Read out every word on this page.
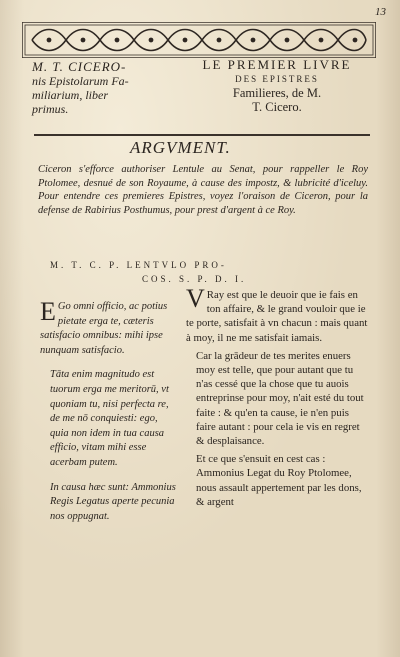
13
M. T. CICERO-
nis Epistolarum Fa-
miliarium, liber
primus.
LE PREMIER LIVRE
DES EPISTRES
Familieres, de M.
T. Cicero.
ARGVMENT.
Ciceron s'efforce authoriser Lentule au Senat, pour rappeller le Roy Ptolomee, desnué de son Royaume, à cause des impostz, & lubricité d'iceluy. Pour entendre ces premieres Epistres, voyez l'oraison de Ciceron, pour la defense de Rabirius Posthumus, pour prest d'argent à ce Roy.
M. T. C. P. LENTVLO PRO-
COS. S. P. D. I.

E Go omni officio, ac potius pietate erga te, cæteris satisfacio omnibus: mihi ipse nunquam satisfacio.

Tāta enim magnitudo est tuorum erga me meritorū, vt quoniam tu, nisi perfecta re, de me nō conquiesti: ego, quia non idem in tua causa efficio, vitam mihi esse acerbam putem.

In causa hæc sunt: Ammonius Regis Legatus aperte pecunia nos oppugnat.

V Ray est que le deuoir que ie fais en ton affaire, & le grand vouloir que ie te porte, satisfait à vn chacun : mais quant à moy, il ne me satisfait iamais.

Car la grādeur de tes merites enuers moy est telle, que pour autant que tu n'as cessé que la chose que tu auois entreprinse pour moy, n'ait esté du tout faite : & qu'en ta cause, ie n'en puis faire autant : pour cela ie vis en regret & desplaisance.

Et ce que s'ensuit en cest cas : Ammonius Legat du Roy Ptolomee, nous assault appertement par les dons, & argent
